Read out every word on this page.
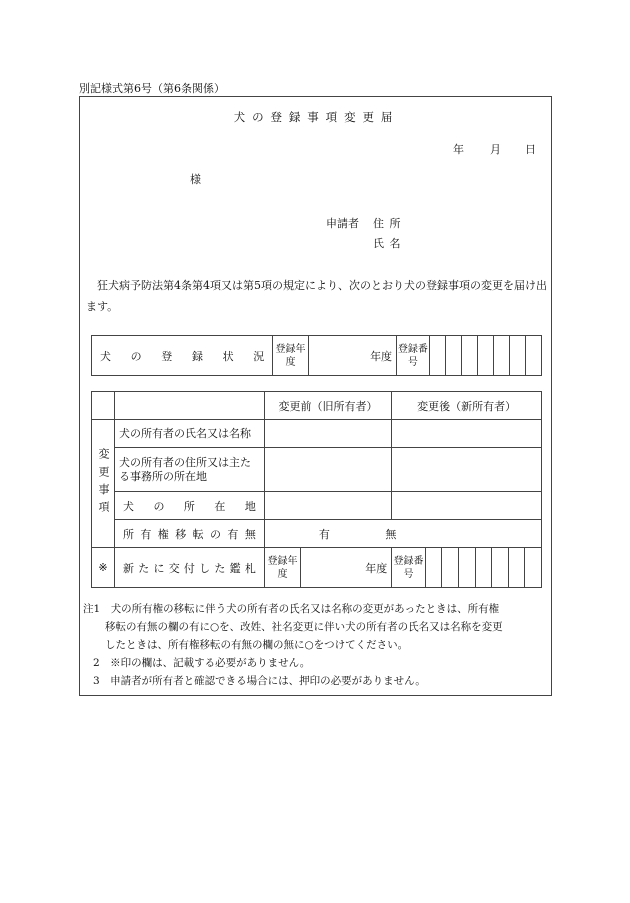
別記様式第6号（第6条関係）
犬の登録事項変更届
年 月 日
様
申請者 住所
氏名
狂犬病予防法第4条第4項又は第5項の規定により、次のとおり犬の登録事項の変更を届け出ます。
犬の登録状況	登録年度	年度	登録番号							
		変更前（旧所有者）		変更後（新所有者）							
変更事項	犬の所有者の氏名又は名称										
	犬の所有者の住所又は主たる事務所の所在地										
	犬の所在地										
	所有権移転の有無	有 無									
※	新たに交付した鑑札	登録年度	年度	登録番号							
注1　 犬の所有権の移転に伴う犬の所有者の氏名又は名称の変更があったときは、所有権
移転の有無の欄の有に○を、改姓、社名変更に伴い犬の所有者の氏名又は名称を変更
したときは、所有権移転の有無の欄の無に○をつけてください。
2　※印の欄は、記載する必要がありません。
3　申請者が所有者と確認できる場合には、押印の必要がありません。
